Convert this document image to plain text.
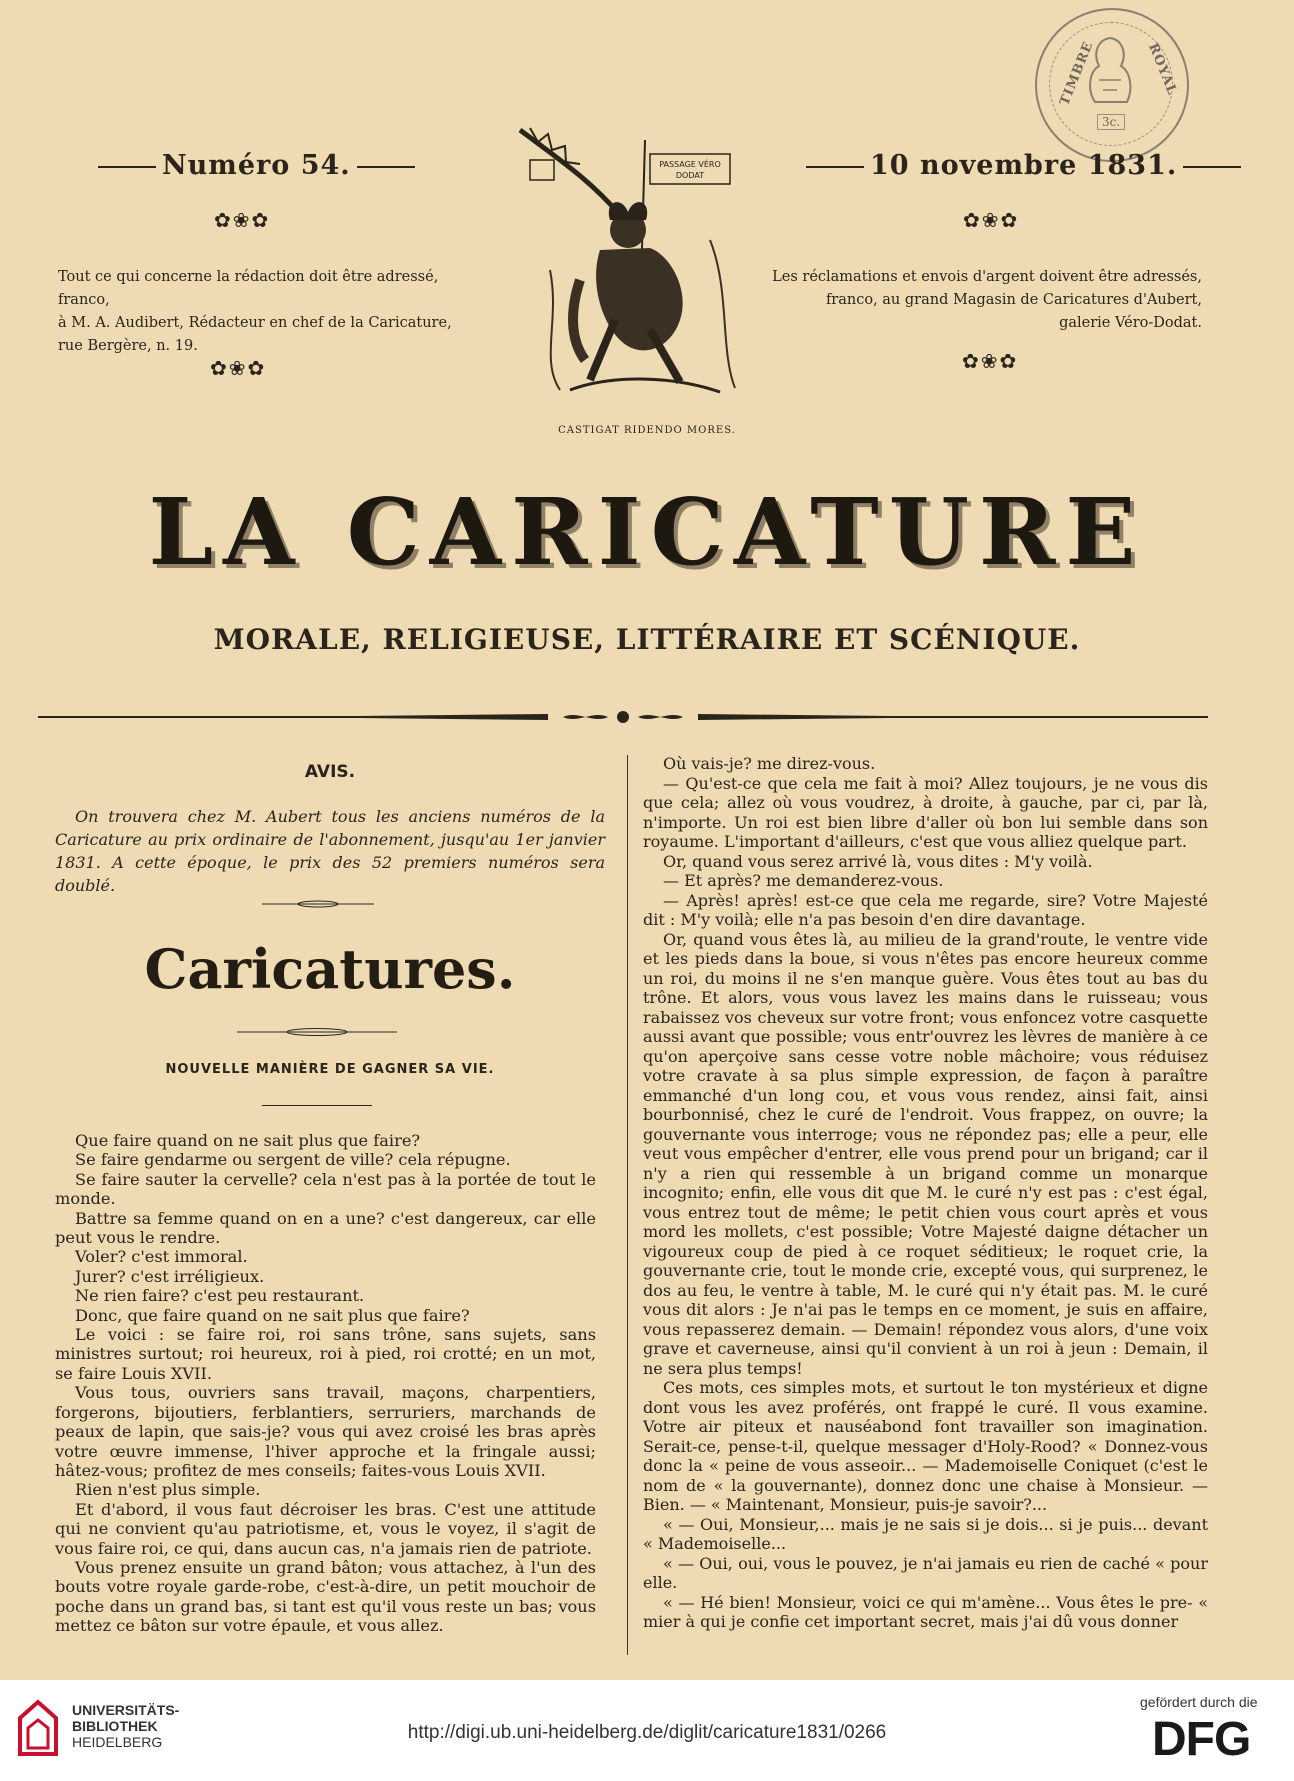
TIMBRE	ROYAL
3c.
Numéro 54.	10 novembre 1831.
✿❀✿	✿❀✿
Tout ce qui concerne la rédaction doit être adressé, franco,
à M. A. Audibert, Rédacteur en chef de la Caricature,
rue Bergère, n. 19.
Les réclamations et envois d'argent doivent être adressés,
franco, au grand Magasin de Caricatures d'Aubert,
galerie Véro-Dodat.
✿❀✿	✿❀✿
PASSAGE VÉRO
DODAT
CASTIGAT RIDENDO MORES.
LA CARICATURE
MORALE, RELIGIEUSE, LITTÉRAIRE ET SCÉNIQUE.
AVIS.
On trouvera chez M. Aubert tous les anciens numéros de la Caricature au prix ordinaire de l'abonnement, jusqu'au 1er janvier 1831. A cette époque, le prix des 52 premiers numéros sera doublé.
Caricatures.
NOUVELLE MANIÈRE DE GAGNER SA VIE.

Que faire quand on ne sait plus que faire?

Se faire gendarme ou sergent de ville? cela répugne.

Se faire sauter la cervelle? cela n'est pas à la portée de tout le monde.

Battre sa femme quand on en a une? c'est dangereux, car elle peut vous le rendre.

Voler? c'est immoral.

Jurer? c'est irréligieux.

Ne rien faire? c'est peu restaurant.

Donc, que faire quand on ne sait plus que faire?

Le voici : se faire roi, roi sans trône, sans sujets, sans ministres surtout; roi heureux, roi à pied, roi crotté; en un mot, se faire Louis XVII.

Vous tous, ouvriers sans travail, maçons, charpentiers, forgerons, bijoutiers, ferblantiers, serruriers, marchands de peaux de lapin, que sais-je? vous qui avez croisé les bras après votre œuvre immense, l'hiver approche et la fringale aussi; hâtez-vous; profitez de mes conseils; faites-vous Louis XVII.

Rien n'est plus simple.

Et d'abord, il vous faut décroiser les bras. C'est une attitude qui ne convient qu'au patriotisme, et, vous le voyez, il s'agit de vous faire roi, ce qui, dans aucun cas, n'a jamais rien de patriote.

Vous prenez ensuite un grand bâton; vous attachez, à l'un des bouts votre royale garde-robe, c'est-à-dire, un petit mouchoir de poche dans un grand bas, si tant est qu'il vous reste un bas; vous mettez ce bâton sur votre épaule, et vous allez.

Où vais-je? me direz-vous.

— Qu'est-ce que cela me fait à moi? Allez toujours, je ne vous dis que cela; allez où vous voudrez, à droite, à gauche, par ci, par là, n'importe. Un roi est bien libre d'aller où bon lui semble dans son royaume. L'important d'ailleurs, c'est que vous alliez quelque part.

Or, quand vous serez arrivé là, vous dites : M'y voilà.

— Et après? me demanderez-vous.

— Après! après! est-ce que cela me regarde, sire? Votre Majesté dit : M'y voilà; elle n'a pas besoin d'en dire davantage.

Or, quand vous êtes là, au milieu de la grand'route, le ventre vide et les pieds dans la boue, si vous n'êtes pas encore heureux comme un roi, du moins il ne s'en manque guère. Vous êtes tout au bas du trône. Et alors, vous vous lavez les mains dans le ruisseau; vous rabaissez vos cheveux sur votre front; vous enfoncez votre casquette aussi avant que possible; vous entr'ouvrez les lèvres de manière à ce qu'on aperçoive sans cesse votre noble mâchoire; vous réduisez votre cravate à sa plus simple expression, de façon à paraître emmanché d'un long cou, et vous vous rendez, ainsi fait, ainsi bourbonnisé, chez le curé de l'endroit. Vous frappez, on ouvre; la gouvernante vous interroge; vous ne répondez pas; elle a peur, elle veut vous empêcher d'entrer, elle vous prend pour un brigand; car il n'y a rien qui ressemble à un brigand comme un monarque incognito; enfin, elle vous dit que M. le curé n'y est pas : c'est égal, vous entrez tout de même; le petit chien vous court après et vous mord les mollets, c'est possible; Votre Majesté daigne détacher un vigoureux coup de pied à ce roquet séditieux; le roquet crie, la gouvernante crie, tout le monde crie, excepté vous, qui surprenez, le dos au feu, le ventre à table, M. le curé qui n'y était pas. M. le curé vous dit alors : Je n'ai pas le temps en ce moment, je suis en affaire, vous repasserez demain. — Demain! répondez vous alors, d'une voix grave et caverneuse, ainsi qu'il convient à un roi à jeun : Demain, il ne sera plus temps!

Ces mots, ces simples mots, et surtout le ton mystérieux et digne dont vous les avez proférés, ont frappé le curé. Il vous examine. Votre air piteux et nauséabond font travailler son imagination. Serait-ce, pense-t-il, quelque messager d'Holy-Rood? « Donnez-vous donc la « peine de vous asseoir... — Mademoiselle Coniquet (c'est le nom de « la gouvernante), donnez donc une chaise à Monsieur. — Bien. — « Maintenant, Monsieur, puis-je savoir?...

« — Oui, Monsieur,... mais je ne sais si je dois... si je puis... devant « Mademoiselle...

« — Oui, oui, vous le pouvez, je n'ai jamais eu rien de caché « pour elle.

« — Hé bien! Monsieur, voici ce qui m'amène... Vous êtes le pre- « mier à qui je confie cet important secret, mais j'ai dû vous donner

UNIVERSITÄTS-
BIBLIOTHEK
HEIDELBERG	http://digi.ub.uni-heidelberg.de/diglit/caricature1831/0266
gefördert durch die
DFG
